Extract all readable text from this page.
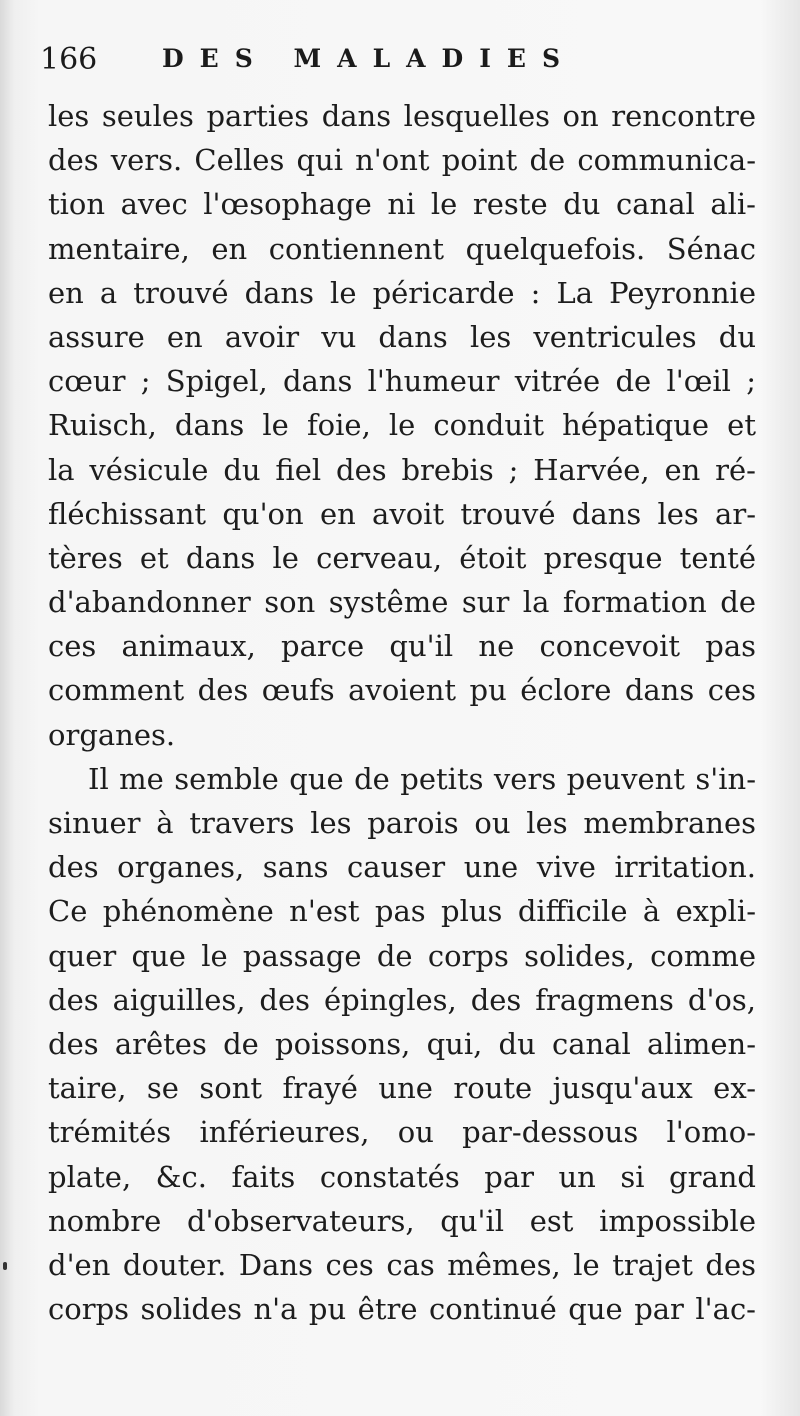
166	DES MALADIES
les seules parties dans lesquelles on rencontre
des vers. Celles qui n'ont point de communica-
tion avec l'œsophage ni le reste du canal ali-
mentaire, en contiennent quelquefois. Sénac
en a trouvé dans le péricarde : La Peyronnie
assure en avoir vu dans les ventricules du
cœur ; Spigel, dans l'humeur vitrée de l'œil ;
Ruisch, dans le foie, le conduit hépatique et
la vésicule du fiel des brebis ; Harvée, en ré-
fléchissant qu'on en avoit trouvé dans les ar-
tères et dans le cerveau, étoit presque tenté
d'abandonner son systême sur la formation de
ces animaux, parce qu'il ne concevoit pas
comment des œufs avoient pu éclore dans ces
organes.
Il me semble que de petits vers peuvent s'in-
sinuer à travers les parois ou les membranes
des organes, sans causer une vive irritation.
Ce phénomène n'est pas plus difficile à expli-
quer que le passage de corps solides, comme
des aiguilles, des épingles, des fragmens d'os,
des arêtes de poissons, qui, du canal alimen-
taire, se sont frayé une route jusqu'aux ex-
trémités inférieures, ou par-dessous l'omo-
plate, &c. faits constatés par un si grand
nombre d'observateurs, qu'il est impossible
d'en douter. Dans ces cas mêmes, le trajet des
corps solides n'a pu être continué que par l'ac-
